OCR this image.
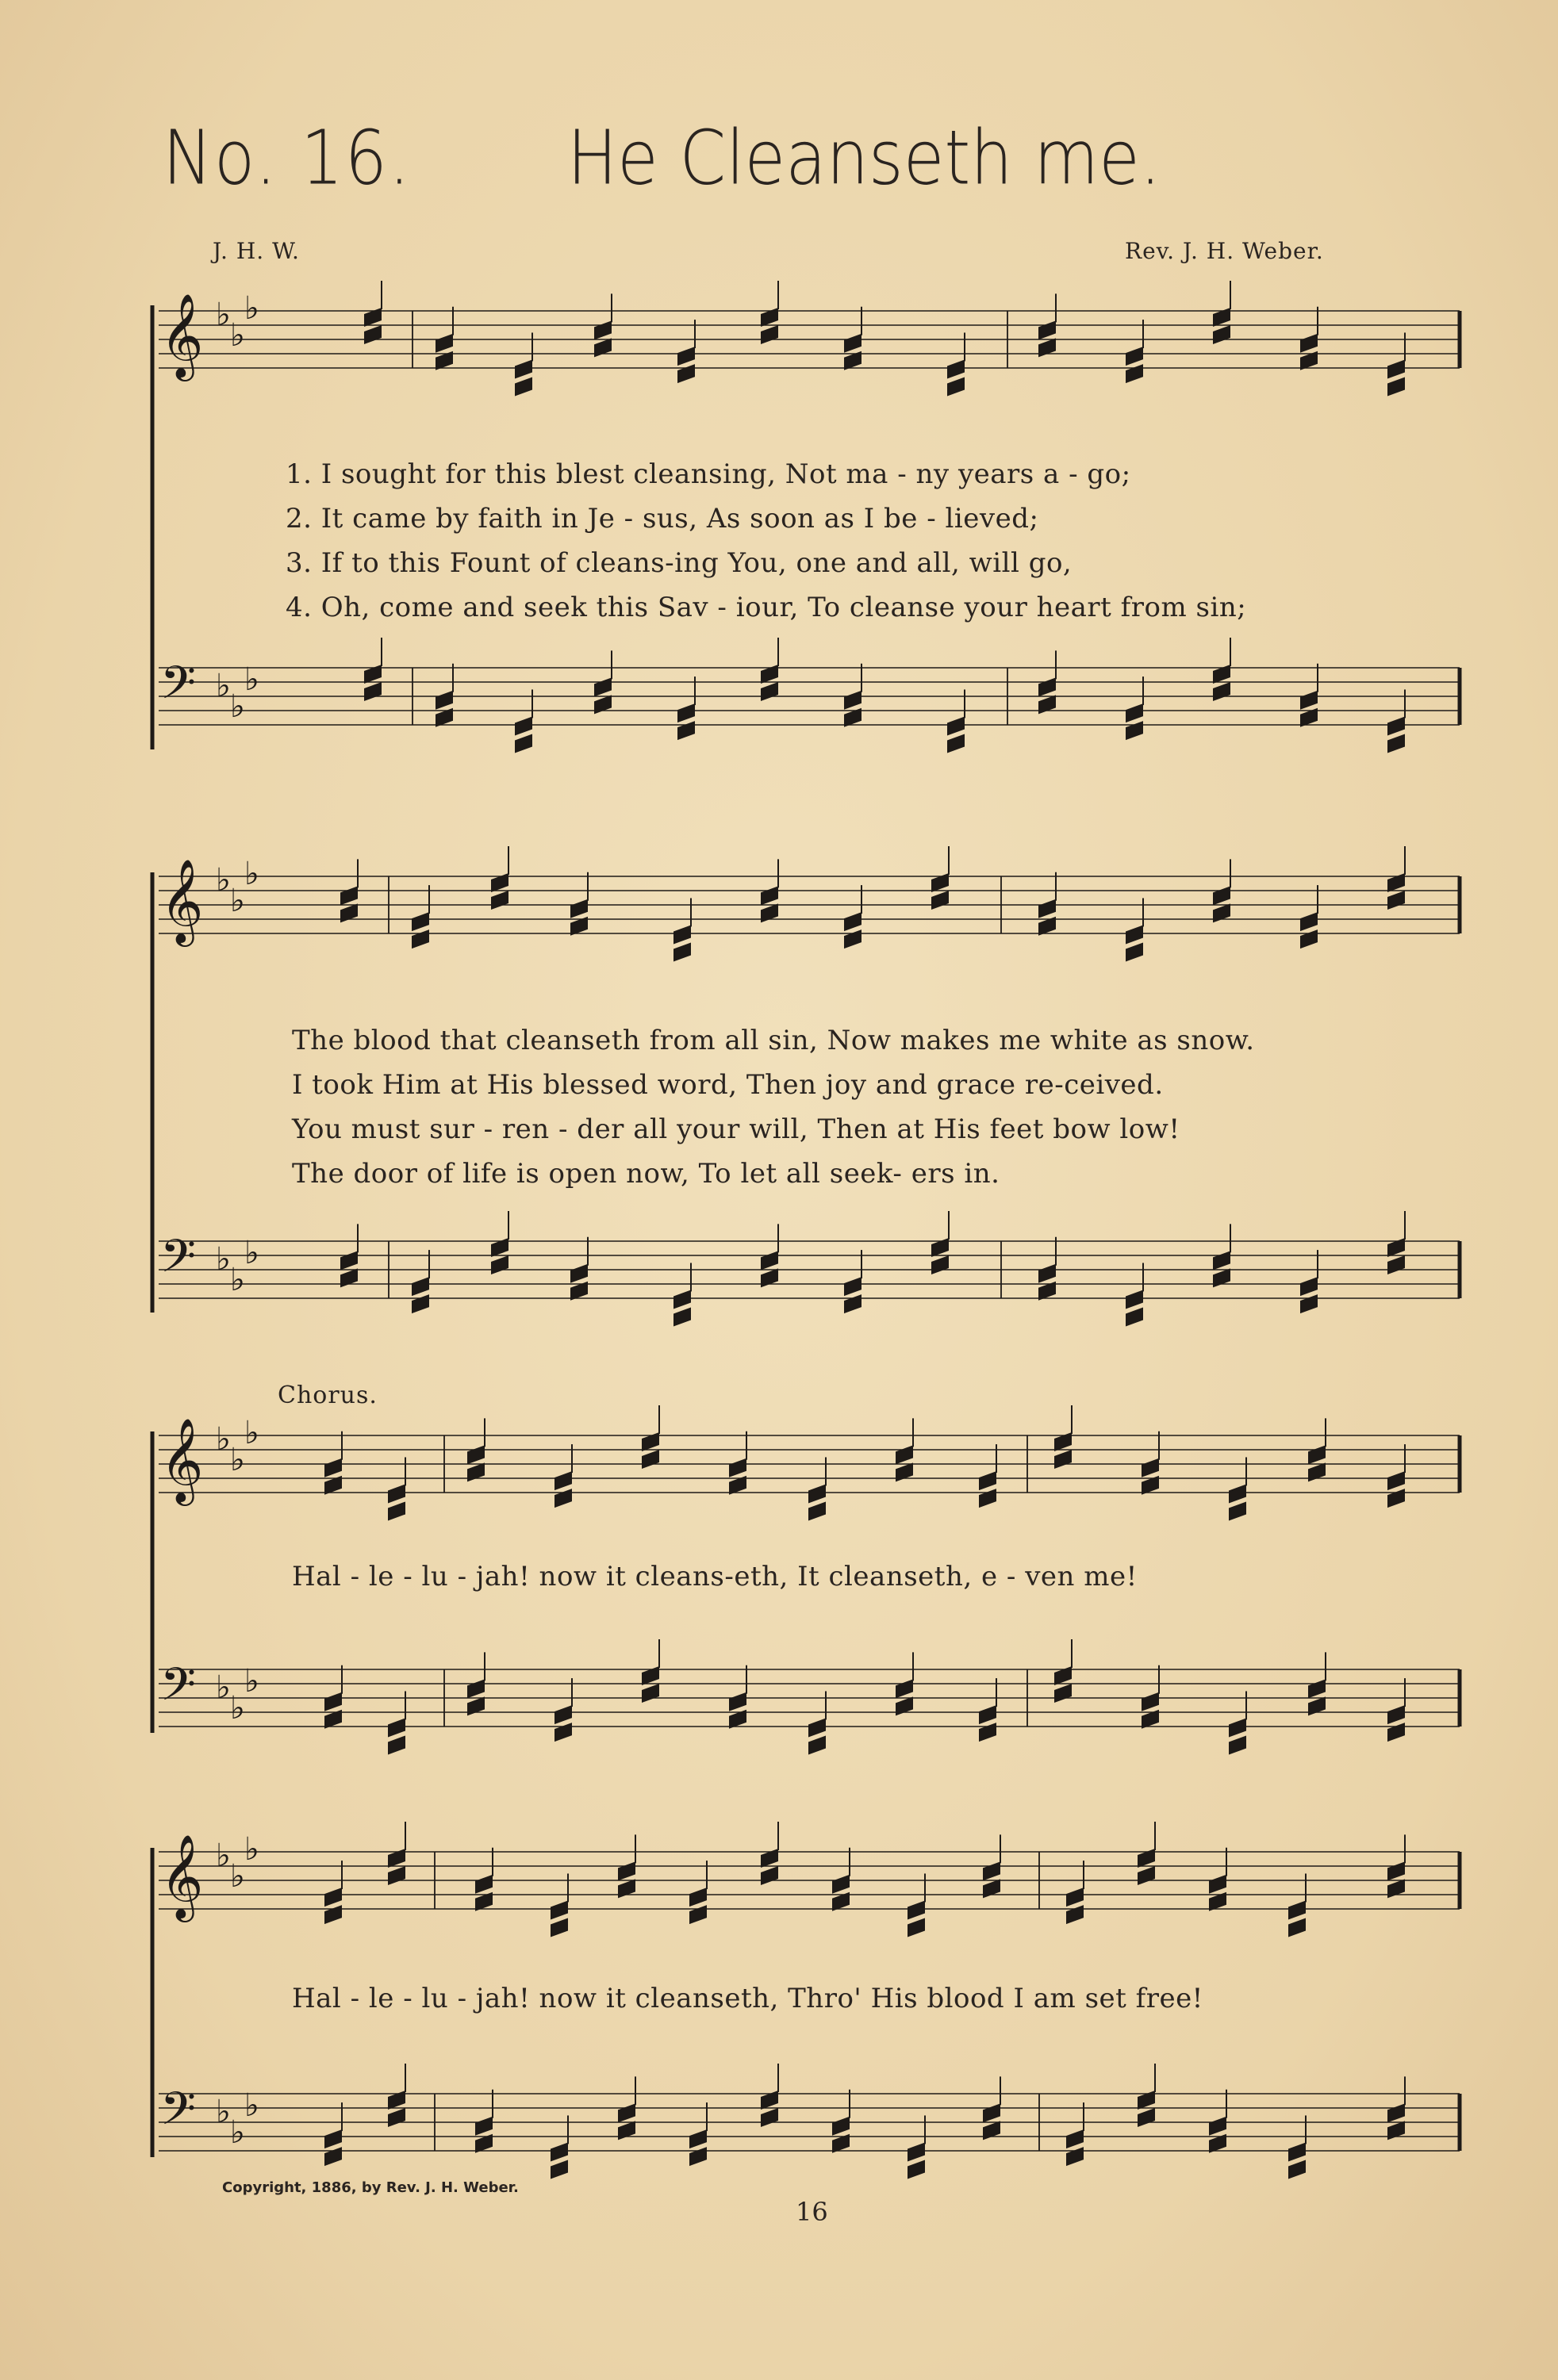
No. 16. He Cleanseth me.
J. H. W.	Rev. J. H. Weber.
𝄞 ♭
♭
♭
𝄢 ♭
♭
♭
𝄞 ♭
♭
♭
𝄢 ♭
♭
♭
𝄞 ♭
♭
♭
𝄢 ♭
♭
♭
𝄞 ♭
♭
♭
𝄢 ♭
♭
♭
1. I sought for this blest cleansing, Not ma - ny years a - go;
2. It came by faith in Je - sus, As soon as I be - lieved;
3. If to this Fount of cleans-ing You, one and all, will go,
4. Oh, come and seek this Sav - iour, To cleanse your heart from sin;
The blood that cleanseth from all sin, Now makes me white as snow.
I took Him at His blessed word, Then joy and grace re-ceived.
You must sur - ren - der all your will, Then at His feet bow low!
The door of life is open now, To let all seek- ers in.
Chorus.
Hal - le - lu - jah! now it cleans-eth, It cleanseth, e - ven me!
Hal - le - lu - jah! now it cleanseth, Thro' His blood I am set free!
Copyright, 1886, by Rev. J. H. Weber.
16
